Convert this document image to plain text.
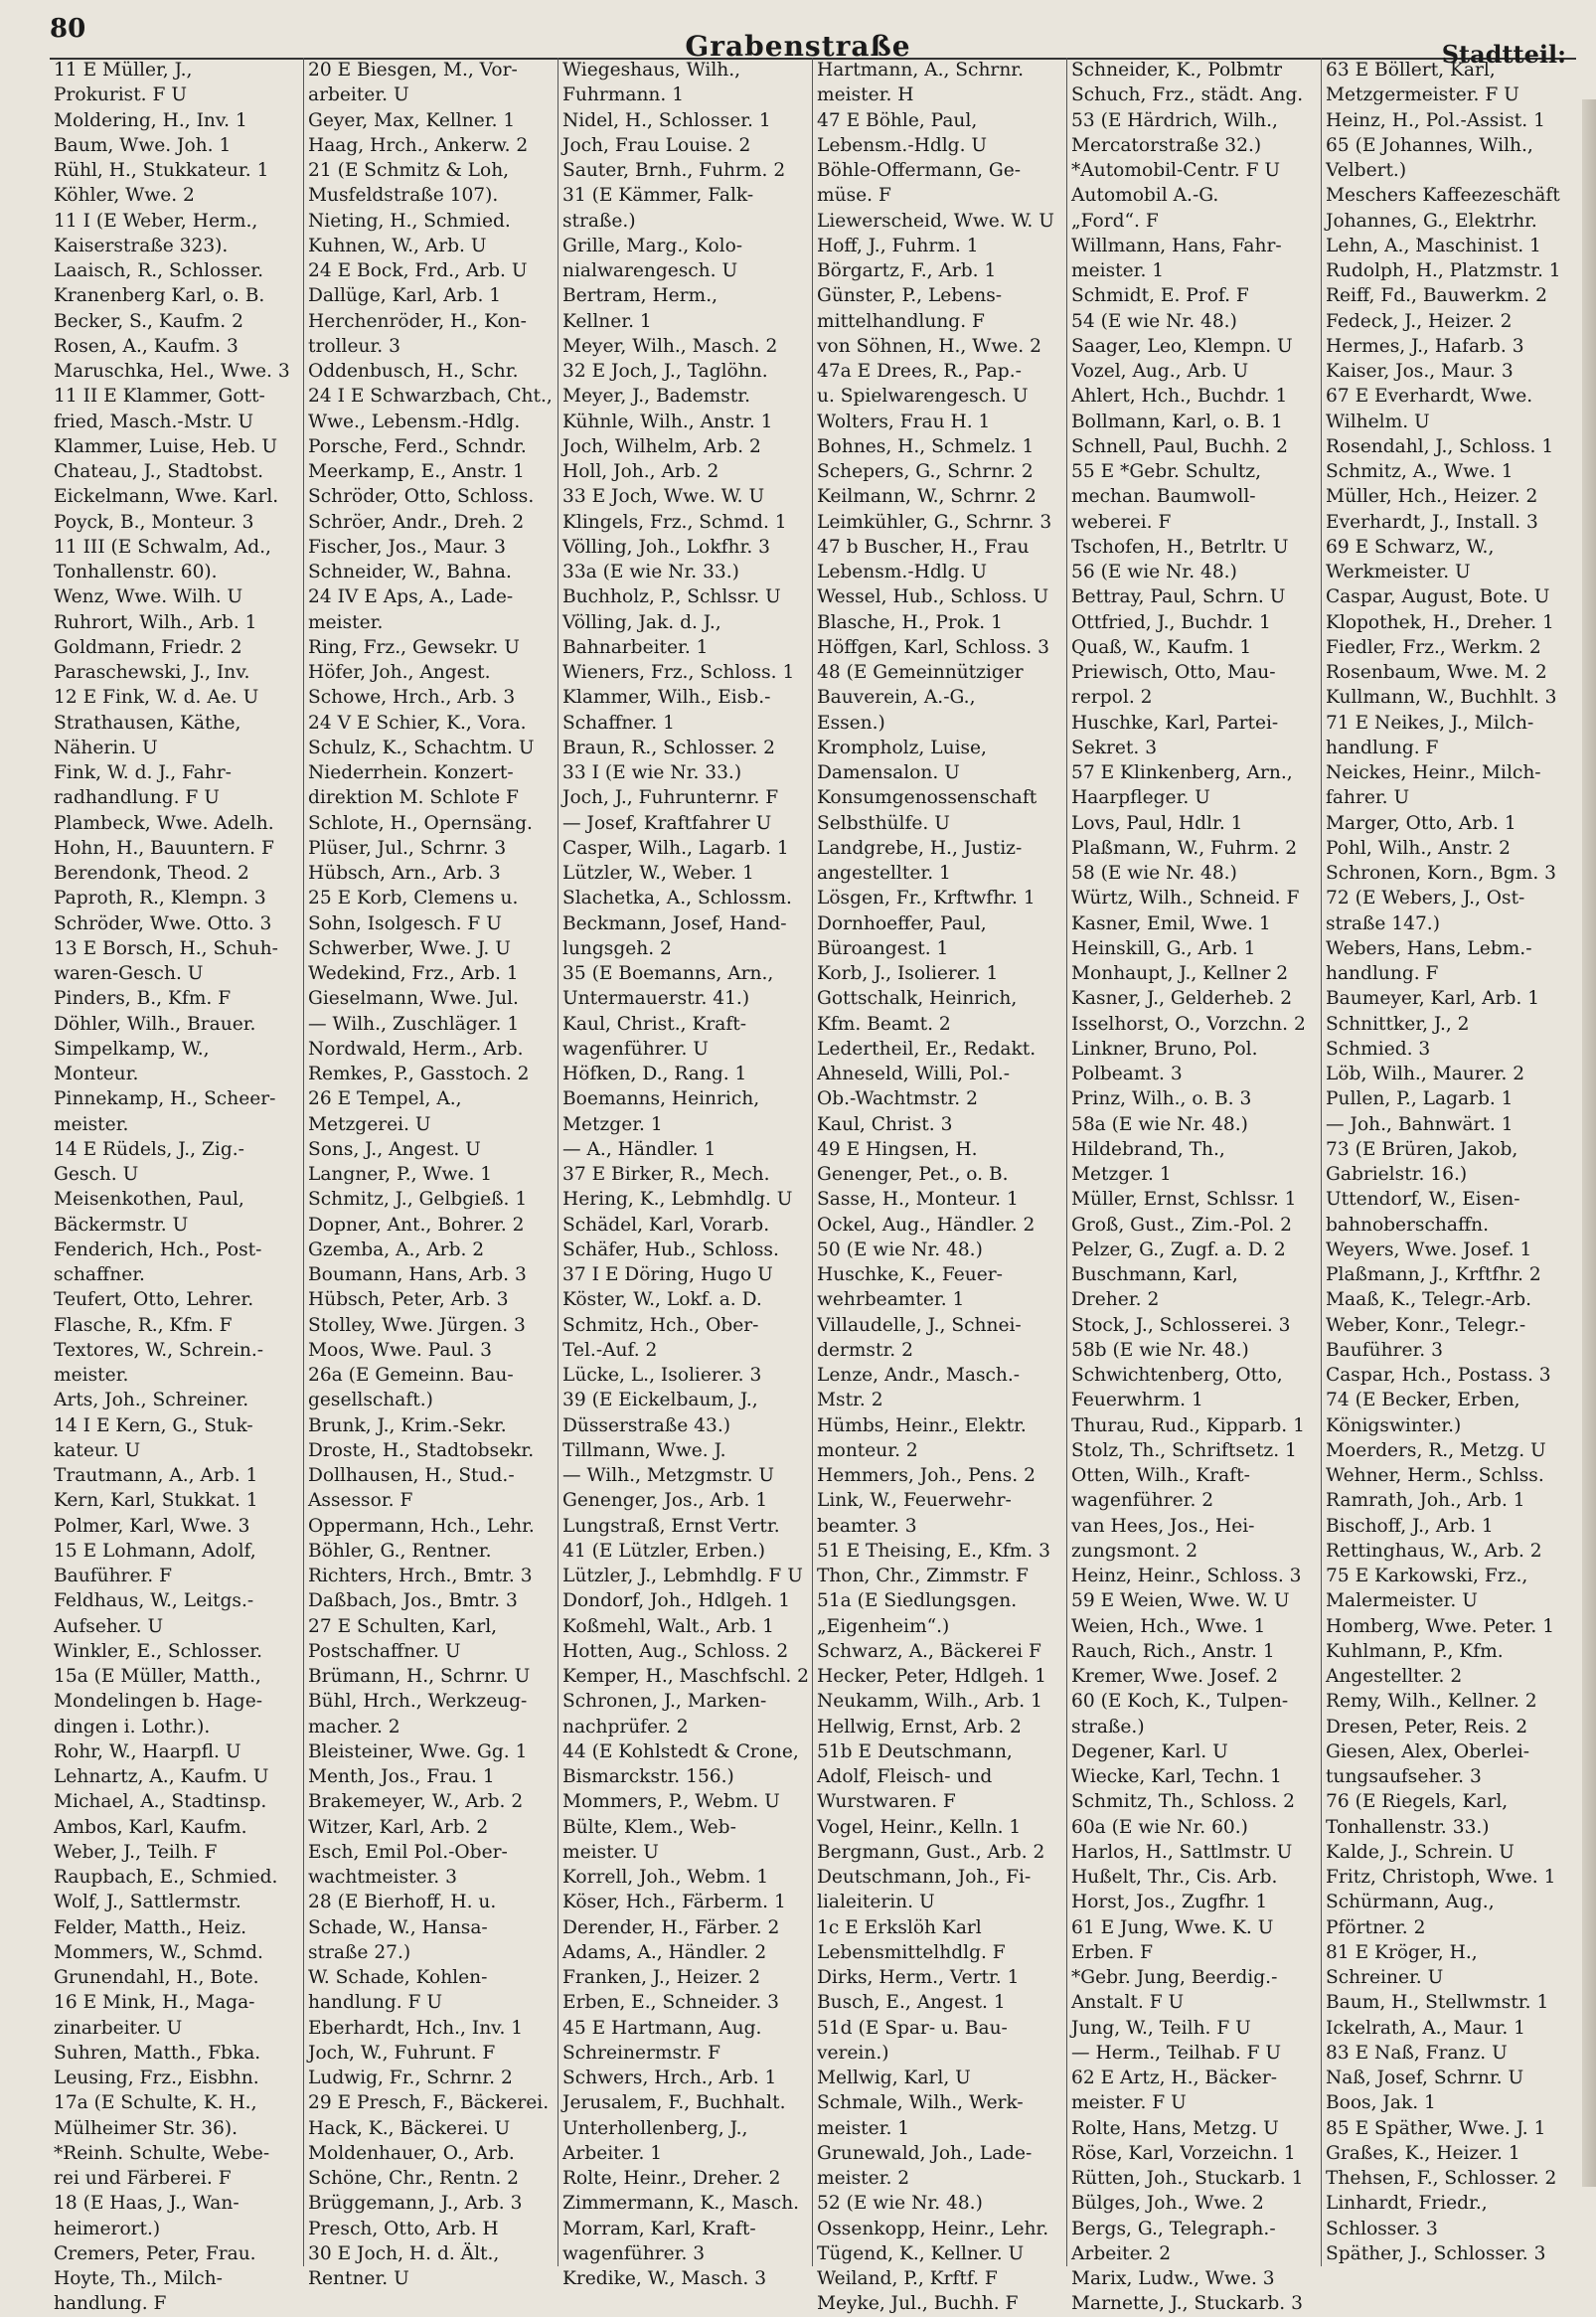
80
Grabenstraße	Stadtteil:
11 E Müller, J.,
Prokurist. F U
Moldering, H., Inv. 1
Baum, Wwe. Joh. 1
Rühl, H., Stukkateur. 1
Köhler, Wwe. 2
11 I (E Weber, Herm.,
Kaiserstraße 323).
Laaisch, R., Schlosser.
Kranenberg Karl, o. B.
Becker, S., Kaufm. 2
Rosen, A., Kaufm. 3
Maruschka, Hel., Wwe. 3
11 II E Klammer, Gott-
fried, Masch.-Mstr. U
Klammer, Luise, Heb. U
Chateau, J., Stadtobst.
Eickelmann, Wwe. Karl.
Poyck, B., Monteur. 3
11 III (E Schwalm, Ad.,
Tonhallenstr. 60).
Wenz, Wwe. Wilh. U
Ruhrort, Wilh., Arb. 1
Goldmann, Friedr. 2
Paraschewski, J., Inv.
12 E Fink, W. d. Ae. U
Strathausen, Käthe,
Näherin. U
Fink, W. d. J., Fahr-
radhandlung. F U
Plambeck, Wwe. Adelh.
Hohn, H., Bauuntern. F
Berendonk, Theod. 2
Paproth, R., Klempn. 3
Schröder, Wwe. Otto. 3
13 E Borsch, H., Schuh-
waren-Gesch. U
Pinders, B., Kfm. F
Döhler, Wilh., Brauer.
Simpelkamp, W.,
Monteur.
Pinnekamp, H., Scheer-
meister.
14 E Rüdels, J., Zig.-
Gesch. U
Meisenkothen, Paul,
Bäckermstr. U
Fenderich, Hch., Post-
schaffner.
Teufert, Otto, Lehrer.
Flasche, R., Kfm. F
Textores, W., Schrein.-
meister.
Arts, Joh., Schreiner.
14 I E Kern, G., Stuk-
kateur. U
Trautmann, A., Arb. 1
Kern, Karl, Stukkat. 1
Polmer, Karl, Wwe. 3
15 E Lohmann, Adolf,
Bauführer. F
Feldhaus, W., Leitgs.-
Aufseher. U
Winkler, E., Schlosser.
15a (E Müller, Matth.,
Mondelingen b. Hage-
dingen i. Lothr.).
Rohr, W., Haarpfl. U
Lehnartz, A., Kaufm. U
Michael, A., Stadtinsp.
Ambos, Karl, Kaufm.
Weber, J., Teilh. F
Raupbach, E., Schmied.
Wolf, J., Sattlermstr.
Felder, Matth., Heiz.
Mommers, W., Schmd.
Grunendahl, H., Bote.
16 E Mink, H., Maga-
zinarbeiter. U
Suhren, Matth., Fbka.
Leusing, Frz., Eisbhn.
17a (E Schulte, K. H.,
Mülheimer Str. 36).
*Reinh. Schulte, Webe-
rei und Färberei. F
18 (E Haas, J., Wan-
heimerort.)
Cremers, Peter, Frau.
Hoyte, Th., Milch-
handlung. F
20 E Biesgen, M., Vor-
arbeiter. U
Geyer, Max, Kellner. 1
Haag, Hrch., Ankerw. 2
21 (E Schmitz & Loh,
Musfeldstraße 107).
Nieting, H., Schmied.
Kuhnen, W., Arb. U
24 E Bock, Frd., Arb. U
Dallüge, Karl, Arb. 1
Herchenröder, H., Kon-
trolleur. 3
Oddenbusch, H., Schr.
24 I E Schwarzbach, Cht.,
Wwe., Lebensm.-Hdlg.
Porsche, Ferd., Schndr.
Meerkamp, E., Anstr. 1
Schröder, Otto, Schloss.
Schröer, Andr., Dreh. 2
Fischer, Jos., Maur. 3
Schneider, W., Bahna.
24 IV E Aps, A., Lade-
meister.
Ring, Frz., Gewsekr. U
Höfer, Joh., Angest.
Schowe, Hrch., Arb. 3
24 V E Schier, K., Vora.
Schulz, K., Schachtm. U
Niederrhein. Konzert-
direktion M. Schlote F
Schlote, H., Opernsäng.
Plüser, Jul., Schrnr. 3
Hübsch, Arn., Arb. 3
25 E Korb, Clemens u.
Sohn, Isolgesch. F U
Schwerber, Wwe. J. U
Wedekind, Frz., Arb. 1
Gieselmann, Wwe. Jul.
— Wilh., Zuschläger. 1
Nordwald, Herm., Arb.
Remkes, P., Gasstoch. 2
26 E Tempel, A.,
Metzgerei. U
Sons, J., Angest. U
Langner, P., Wwe. 1
Schmitz, J., Gelbgieß. 1
Dopner, Ant., Bohrer. 2
Gzemba, A., Arb. 2
Boumann, Hans, Arb. 3
Hübsch, Peter, Arb. 3
Stolley, Wwe. Jürgen. 3
Moos, Wwe. Paul. 3
26a (E Gemeinn. Bau-
gesellschaft.)
Brunk, J., Krim.-Sekr.
Droste, H., Stadtobsekr.
Dollhausen, H., Stud.-
Assessor. F
Oppermann, Hch., Lehr.
Böhler, G., Rentner.
Richters, Hrch., Bmtr. 3
Daßbach, Jos., Bmtr. 3
27 E Schulten, Karl,
Postschaffner. U
Brümann, H., Schrnr. U
Bühl, Hrch., Werkzeug-
macher. 2
Bleisteiner, Wwe. Gg. 1
Menth, Jos., Frau. 1
Brakemeyer, W., Arb. 2
Witzer, Karl, Arb. 2
Esch, Emil Pol.-Ober-
wachtmeister. 3
28 (E Bierhoff, H. u.
Schade, W., Hansa-
straße 27.)
W. Schade, Kohlen-
handlung. F U
Eberhardt, Hch., Inv. 1
Joch, W., Fuhrunt. F
Ludwig, Fr., Schrnr. 2
29 E Presch, F., Bäckerei.
Hack, K., Bäckerei. U
Moldenhauer, O., Arb.
Schöne, Chr., Rentn. 2
Brüggemann, J., Arb. 3
Presch, Otto, Arb. H
30 E Joch, H. d. Ält.,
Rentner. U
Wiegeshaus, Wilh.,
Fuhrmann. 1
Nidel, H., Schlosser. 1
Joch, Frau Louise. 2
Sauter, Brnh., Fuhrm. 2
31 (E Kämmer, Falk-
straße.)
Grille, Marg., Kolo-
nialwarengesch. U
Bertram, Herm.,
Kellner. 1
Meyer, Wilh., Masch. 2
32 E Joch, J., Taglöhn.
Meyer, J., Bademstr.
Kühnle, Wilh., Anstr. 1
Joch, Wilhelm, Arb. 2
Holl, Joh., Arb. 2
33 E Joch, Wwe. W. U
Klingels, Frz., Schmd. 1
Völling, Joh., Lokfhr. 3
33a (E wie Nr. 33.)
Buchholz, P., Schlssr. U
Völling, Jak. d. J.,
Bahnarbeiter. 1
Wieners, Frz., Schloss. 1
Klammer, Wilh., Eisb.-
Schaffner. 1
Braun, R., Schlosser. 2
33 I (E wie Nr. 33.)
Joch, J., Fuhrunternr. F
— Josef, Kraftfahrer U
Casper, Wilh., Lagarb. 1
Lützler, W., Weber. 1
Slachetka, A., Schlossm.
Beckmann, Josef, Hand-
lungsgeh. 2
35 (E Boemanns, Arn.,
Untermauerstr. 41.)
Kaul, Christ., Kraft-
wagenführer. U
Höfken, D., Rang. 1
Boemanns, Heinrich,
Metzger. 1
— A., Händler. 1
37 E Birker, R., Mech.
Hering, K., Lebmhdlg. U
Schädel, Karl, Vorarb.
Schäfer, Hub., Schloss.
37 I E Döring, Hugo U
Köster, W., Lokf. a. D.
Schmitz, Hch., Ober-
Tel.-Auf. 2
Lücke, L., Isolierer. 3
39 (E Eickelbaum, J.,
Düsserstraße 43.)
Tillmann, Wwe. J.
— Wilh., Metzgmstr. U
Genenger, Jos., Arb. 1
Lungstraß, Ernst Vertr.
41 (E Lützler, Erben.)
Lützler, J., Lebmhdlg. F U
Dondorf, Joh., Hdlgeh. 1
Koßmehl, Walt., Arb. 1
Hotten, Aug., Schloss. 2
Kemper, H., Maschfschl. 2
Schronen, J., Marken-
nachprüfer. 2
44 (E Kohlstedt & Crone,
Bismarckstr. 156.)
Mommers, P., Webm. U
Bülte, Klem., Web-
meister. U
Korrell, Joh., Webm. 1
Köser, Hch., Färberm. 1
Derender, H., Färber. 2
Adams, A., Händler. 2
Franken, J., Heizer. 2
Erben, E., Schneider. 3
45 E Hartmann, Aug.
Schreinermstr. F
Schwers, Hrch., Arb. 1
Jerusalem, F., Buchhalt.
Unterhollenberg, J.,
Arbeiter. 1
Rolte, Heinr., Dreher. 2
Zimmermann, K., Masch.
Morram, Karl, Kraft-
wagenführer. 3
Kredike, W., Masch. 3
Hartmann, A., Schrnr.
meister. H
47 E Böhle, Paul,
Lebensm.-Hdlg. U
Böhle-Offermann, Ge-
müse. F
Liewerscheid, Wwe. W. U
Hoff, J., Fuhrm. 1
Börgartz, F., Arb. 1
Günster, P., Lebens-
mittelhandlung. F
von Söhnen, H., Wwe. 2
47a E Drees, R., Pap.-
u. Spielwarengesch. U
Wolters, Frau H. 1
Bohnes, H., Schmelz. 1
Schepers, G., Schrnr. 2
Keilmann, W., Schrnr. 2
Leimkühler, G., Schrnr. 3
47 b Buscher, H., Frau
Lebensm.-Hdlg. U
Wessel, Hub., Schloss. U
Blasche, H., Prok. 1
Höffgen, Karl, Schloss. 3
48 (E Gemeinnütziger
Bauverein, A.-G.,
Essen.)
Krompholz, Luise,
Damensalon. U
Konsumgenossenschaft
Selbsthülfe. U
Landgrebe, H., Justiz-
angestellter. 1
Lösgen, Fr., Krftwfhr. 1
Dornhoeffer, Paul,
Büroangest. 1
Korb, J., Isolierer. 1
Gottschalk, Heinrich,
Kfm. Beamt. 2
Ledertheil, Er., Redakt.
Ahneseld, Willi, Pol.-
Ob.-Wachtmstr. 2
Kaul, Christ. 3
49 E Hingsen, H.
Genenger, Pet., o. B.
Sasse, H., Monteur. 1
Ockel, Aug., Händler. 2
50 (E wie Nr. 48.)
Huschke, K., Feuer-
wehrbeamter. 1
Villaudelle, J., Schnei-
dermstr. 2
Lenze, Andr., Masch.-
Mstr. 2
Hümbs, Heinr., Elektr.
monteur. 2
Hemmers, Joh., Pens. 2
Link, W., Feuerwehr-
beamter. 3
51 E Theising, E., Kfm. 3
Thon, Chr., Zimmstr. F
51a (E Siedlungsgen.
„Eigenheim“.)
Schwarz, A., Bäckerei F
Hecker, Peter, Hdlgeh. 1
Neukamm, Wilh., Arb. 1
Hellwig, Ernst, Arb. 2
51b E Deutschmann,
Adolf, Fleisch- und
Wurstwaren. F
Vogel, Heinr., Kelln. 1
Bergmann, Gust., Arb. 2
Deutschmann, Joh., Fi-
lialeiterin. U
1c E Erkslöh Karl
Lebensmittelhdlg. F
Dirks, Herm., Vertr. 1
Busch, E., Angest. 1
51d (E Spar- u. Bau-
verein.)
Mellwig, Karl, U
Schmale, Wilh., Werk-
meister. 1
Grunewald, Joh., Lade-
meister. 2
52 (E wie Nr. 48.)
Ossenkopp, Heinr., Lehr.
Tügend, K., Kellner. U
Weiland, P., Krftf. F
Meyke, Jul., Buchh. F
Schneider, K., Polbmtr
Schuch, Frz., städt. Ang.
53 (E Härdrich, Wilh.,
Mercatorstraße 32.)
*Automobil-Centr. F U
Automobil A.-G.
„Ford“. F
Willmann, Hans, Fahr-
meister. 1
Schmidt, E. Prof. F
54 (E wie Nr. 48.)
Saager, Leo, Klempn. U
Vozel, Aug., Arb. U
Ahlert, Hch., Buchdr. 1
Bollmann, Karl, o. B. 1
Schnell, Paul, Buchh. 2
55 E *Gebr. Schultz,
mechan. Baumwoll-
weberei. F
Tschofen, H., Betrltr. U
56 (E wie Nr. 48.)
Bettray, Paul, Schrn. U
Ottfried, J., Buchdr. 1
Quaß, W., Kaufm. 1
Priewisch, Otto, Mau-
rerpol. 2
Huschke, Karl, Partei-
Sekret. 3
57 E Klinkenberg, Arn.,
Haarpfleger. U
Lovs, Paul, Hdlr. 1
Plaßmann, W., Fuhrm. 2
58 (E wie Nr. 48.)
Würtz, Wilh., Schneid. F
Kasner, Emil, Wwe. 1
Heinskill, G., Arb. 1
Monhaupt, J., Kellner 2
Kasner, J., Gelderheb. 2
Isselhorst, O., Vorzchn. 2
Linkner, Bruno, Pol.
Polbeamt. 3
Prinz, Wilh., o. B. 3
58a (E wie Nr. 48.)
Hildebrand, Th.,
Metzger. 1
Müller, Ernst, Schlssr. 1
Groß, Gust., Zim.-Pol. 2
Pelzer, G., Zugf. a. D. 2
Buschmann, Karl,
Dreher. 2
Stock, J., Schlosserei. 3
58b (E wie Nr. 48.)
Schwichtenberg, Otto,
Feuerwhrm. 1
Thurau, Rud., Kipparb. 1
Stolz, Th., Schriftsetz. 1
Otten, Wilh., Kraft-
wagenführer. 2
van Hees, Jos., Hei-
zungsmont. 2
Heinz, Heinr., Schloss. 3
59 E Weien, Wwe. W. U
Weien, Hch., Wwe. 1
Rauch, Rich., Anstr. 1
Kremer, Wwe. Josef. 2
60 (E Koch, K., Tulpen-
straße.)
Degener, Karl. U
Wiecke, Karl, Techn. 1
Schmitz, Th., Schloss. 2
60a (E wie Nr. 60.)
Harlos, H., Sattlmstr. U
Hußelt, Thr., Cis. Arb.
Horst, Jos., Zugfhr. 1
61 E Jung, Wwe. K. U
Erben. F
*Gebr. Jung, Beerdig.-
Anstalt. F U
Jung, W., Teilh. F U
— Herm., Teilhab. F U
62 E Artz, H., Bäcker-
meister. F U
Rolte, Hans, Metzg. U
Röse, Karl, Vorzeichn. 1
Rütten, Joh., Stuckarb. 1
Bülges, Joh., Wwe. 2
Bergs, G., Telegraph.-
Arbeiter. 2
Marix, Ludw., Wwe. 3
Marnette, J., Stuckarb. 3
63 E Böllert, Karl,
Metzgermeister. F U
Heinz, H., Pol.-Assist. 1
65 (E Johannes, Wilh.,
Velbert.)
Meschers Kaffeezeschäft
Johannes, G., Elektrhr.
Lehn, A., Maschinist. 1
Rudolph, H., Platzmstr. 1
Reiff, Fd., Bauwerkm. 2
Fedeck, J., Heizer. 2
Hermes, J., Hafarb. 3
Kaiser, Jos., Maur. 3
67 E Everhardt, Wwe.
Wilhelm. U
Rosendahl, J., Schloss. 1
Schmitz, A., Wwe. 1
Müller, Hch., Heizer. 2
Everhardt, J., Install. 3
69 E Schwarz, W.,
Werkmeister. U
Caspar, August, Bote. U
Klopothek, H., Dreher. 1
Fiedler, Frz., Werkm. 2
Rosenbaum, Wwe. M. 2
Kullmann, W., Buchhlt. 3
71 E Neikes, J., Milch-
handlung. F
Neickes, Heinr., Milch-
fahrer. U
Marger, Otto, Arb. 1
Pohl, Wilh., Anstr. 2
Schronen, Korn., Bgm. 3
72 (E Webers, J., Ost-
straße 147.)
Webers, Hans, Lebm.-
handlung. F
Baumeyer, Karl, Arb. 1
Schnittker, J., 2
Schmied. 3
Löb, Wilh., Maurer. 2
Pullen, P., Lagarb. 1
— Joh., Bahnwärt. 1
73 (E Brüren, Jakob,
Gabrielstr. 16.)
Uttendorf, W., Eisen-
bahnoberschaffn.
Weyers, Wwe. Josef. 1
Plaßmann, J., Krftfhr. 2
Maaß, K., Telegr.-Arb.
Weber, Konr., Telegr.-
Bauführer. 3
Caspar, Hch., Postass. 3
74 (E Becker, Erben,
Königswinter.)
Moerders, R., Metzg. U
Wehner, Herm., Schlss.
Ramrath, Joh., Arb. 1
Bischoff, J., Arb. 1
Rettinghaus, W., Arb. 2
75 E Karkowski, Frz.,
Malermeister. U
Homberg, Wwe. Peter. 1
Kuhlmann, P., Kfm.
Angestellter. 2
Remy, Wilh., Kellner. 2
Dresen, Peter, Reis. 2
Giesen, Alex, Oberlei-
tungsaufseher. 3
76 (E Riegels, Karl,
Tonhallenstr. 33.)
Kalde, J., Schrein. U
Fritz, Christoph, Wwe. 1
Schürmann, Aug.,
Pförtner. 2
81 E Kröger, H.,
Schreiner. U
Baum, H., Stellwmstr. 1
Ickelrath, A., Maur. 1
83 E Naß, Franz. U
Naß, Josef, Schrnr. U
Boos, Jak. 1
85 E Späther, Wwe. J. 1
Graßes, K., Heizer. 1
Thehsen, F., Schlosser. 2
Linhardt, Friedr.,
Schlosser. 3
Späther, J., Schlosser. 3
